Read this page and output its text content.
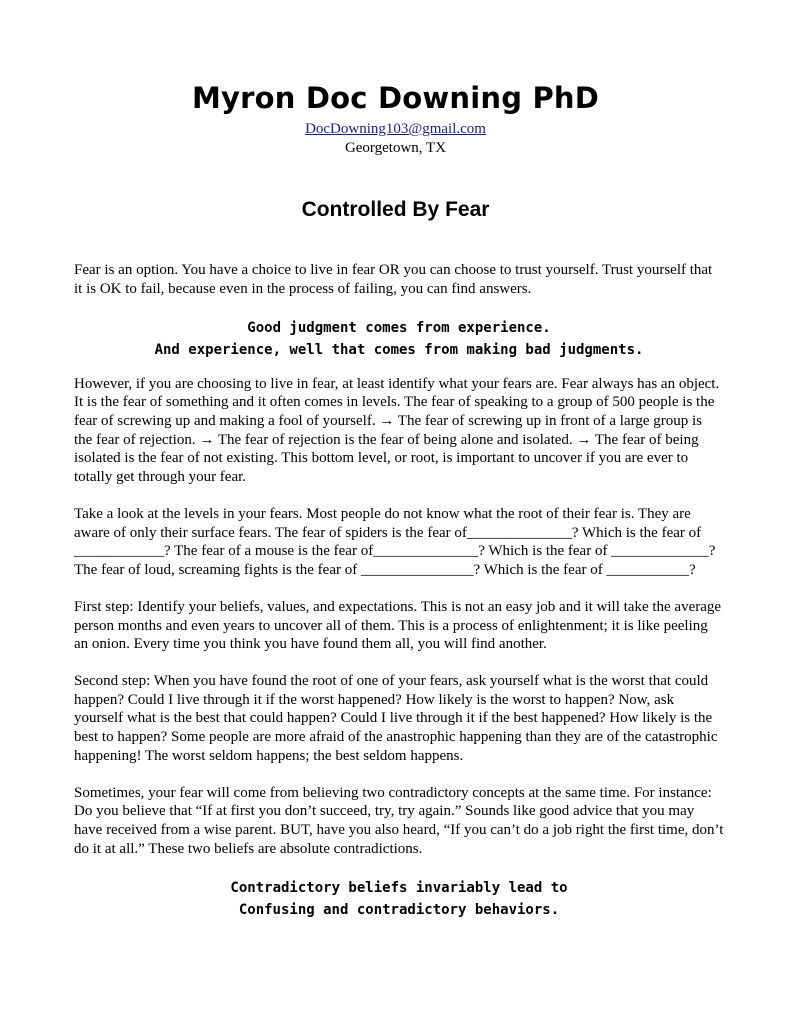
Myron Doc Downing PhD
DocDowning103@gmail.com
Georgetown, TX
Controlled By Fear

Fear is an option. You have a choice to live in fear OR you can choose to trust yourself. Trust yourself that it is OK to fail, because even in the process of failing, you can find answers.

Good judgment comes from experience.
And experience, well that comes from making bad judgments.

However, if you are choosing to live in fear, at least identify what your fears are. Fear always has an object. It is the fear of something and it often comes in levels. The fear of speaking to a group of 500 people is the fear of screwing up and making a fool of yourself. → The fear of screwing up in front of a large group is the fear of rejection. → The fear of rejection is the fear of being alone and isolated. → The fear of being isolated is the fear of not existing. This bottom level, or root, is important to uncover if you are ever to totally get through your fear.

Take a look at the levels in your fears. Most people do not know what the root of their fear is. They are aware of only their surface fears. The fear of spiders is the fear of______________? Which is the fear of ____________? The fear of a mouse is the fear of______________? Which is the fear of _____________? The fear of loud, screaming fights is the fear of _______________? Which is the fear of ___________?

First step: Identify your beliefs, values, and expectations. This is not an easy job and it will take the average person months and even years to uncover all of them. This is a process of enlightenment; it is like peeling an onion. Every time you think you have found them all, you will find another.

Second step: When you have found the root of one of your fears, ask yourself what is the worst that could happen? Could I live through it if the worst happened? How likely is the worst to happen? Now, ask yourself what is the best that could happen? Could I live through it if the best happened? How likely is the best to happen? Some people are more afraid of the anastrophic happening than they are of the catastrophic happening! The worst seldom happens; the best seldom happens.

Sometimes, your fear will come from believing two contradictory concepts at the same time. For instance: Do you believe that “If at first you don’t succeed, try, try again.” Sounds like good advice that you may have received from a wise parent. BUT, have you also heard, “If you can’t do a job right the first time, don’t do it at all.” These two beliefs are absolute contradictions.

Contradictory beliefs invariably lead to
Confusing and contradictory behaviors.
